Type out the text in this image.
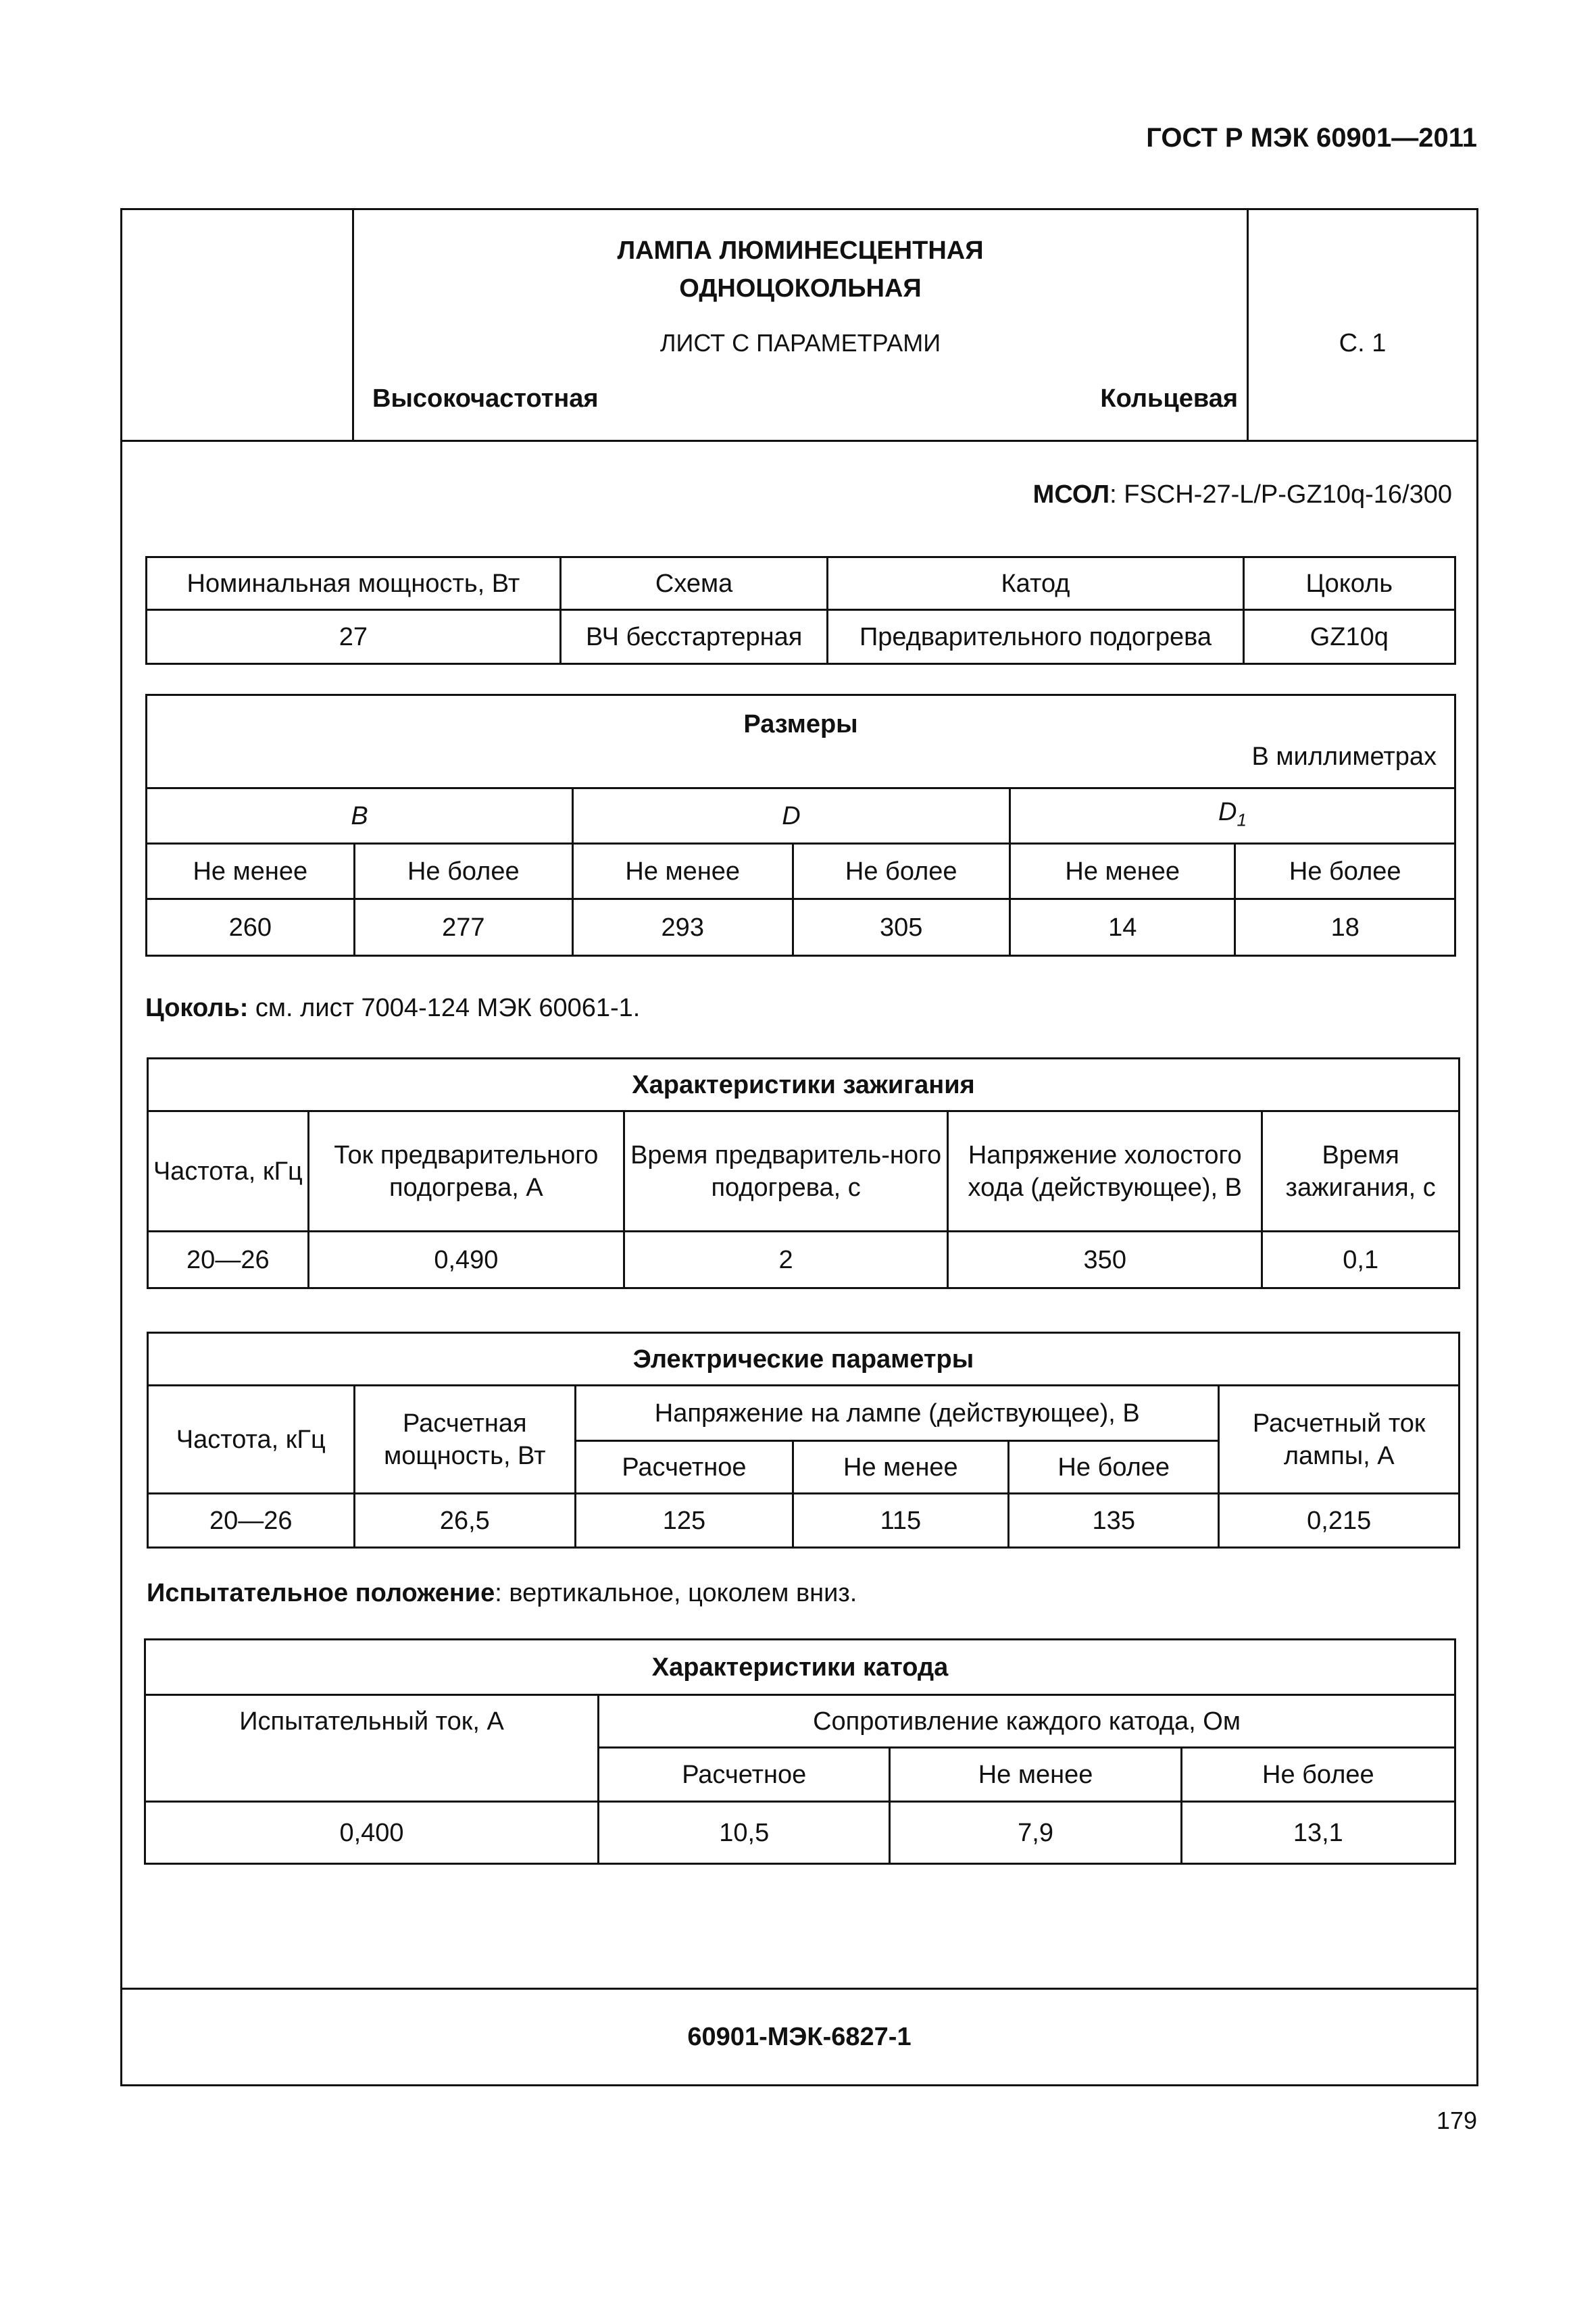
ГОСТ Р МЭК 60901—2011
ЛАМПА ЛЮМИНЕСЦЕНТНАЯ
ОДНОЦОКОЛЬНАЯ
ЛИСТ С ПАРАМЕТРАМИ
Высокочастотная	Кольцевая
С. 1
МСОЛ: FSCH-27-L/P-GZ10q-16/300
Номинальная мощность, Вт	Схема	Катод	Цоколь
27	ВЧ бесстартерная	Предварительного подогрева	GZ10q
Размеры
В миллиметрах					

B		D		$D_1$
Не менее	Не более	Не менее	Не более	Не менее	Не более
260	277	293	305	14	18
Цоколь: см. лист 7004-124 МЭК 60061-1.
Характеристики зажигания				
Частота, кГц	Ток предварительного подогрева, А	Время предваритель-ного подогрева, с	Напряжение холостого хода (действующее), В	Время зажигания, с
20—26	0,490	2	350	0,1
Электрические параметры					
Частота, кГц	Расчетная мощность, Вт	Напряжение на лампе (действующее), В			Расчетный ток лампы, А
		Расчетное	Не менее	Не более	
20—26	26,5	125	115	135	0,215
Испытательное положение: вертикальное, цоколем вниз.
Характеристики катода			
Испытательный ток, А	Сопротивление каждого катода, Ом		
	Расчетное	Не менее	Не более
0,400	10,5	7,9	13,1
60901-МЭК-6827-1
179
